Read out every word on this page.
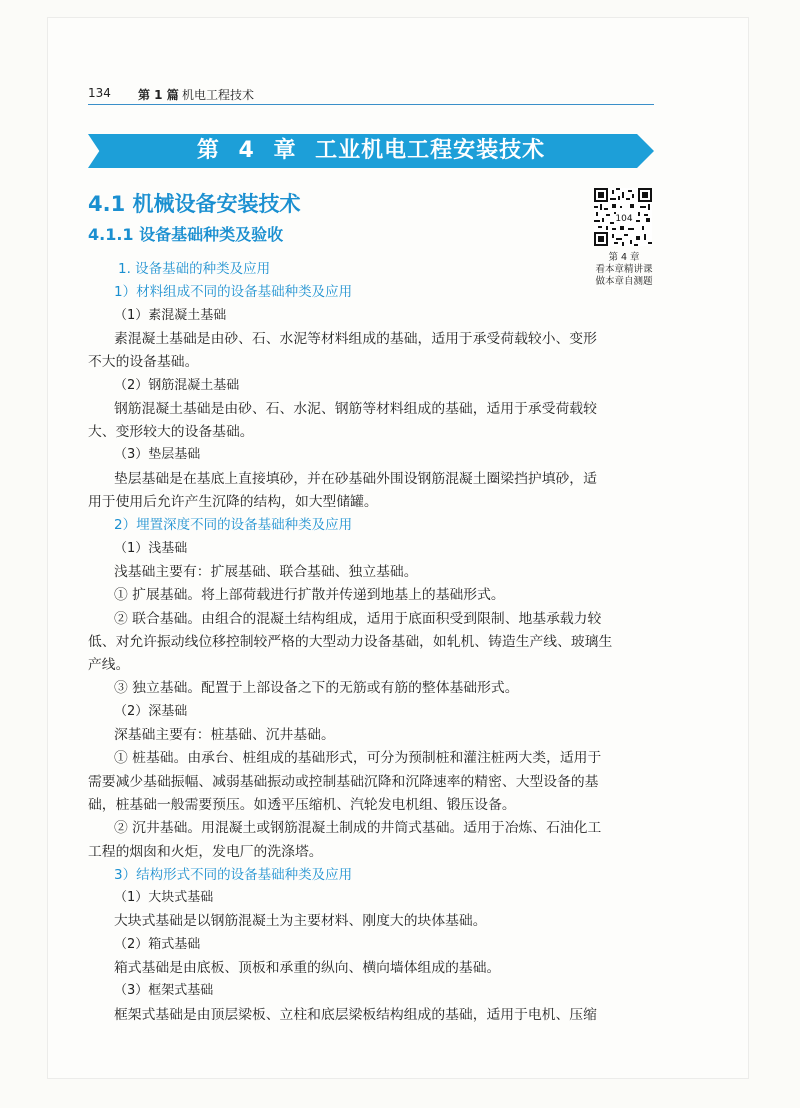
134 第 1 篇 机电工程技术
第 4 章 工业机电工程安装技术
4.1 机械设备安装技术
4.1.1 设备基础种类及验收
104
第 4 章
看本章精讲课
做本章自测题
1. 设备基础的种类及应用
1）材料组成不同的设备基础种类及应用
（1）素混凝土基础
素混凝土基础是由砂、石、水泥等材料组成的基础，适用于承受荷载较小、变形
不大的设备基础。
（2）钢筋混凝土基础
钢筋混凝土基础是由砂、石、水泥、钢筋等材料组成的基础，适用于承受荷载较
大、变形较大的设备基础。
（3）垫层基础
垫层基础是在基底上直接填砂，并在砂基础外围设钢筋混凝土圈梁挡护填砂，适
用于使用后允许产生沉降的结构，如大型储罐。
2）埋置深度不同的设备基础种类及应用
（1）浅基础
浅基础主要有：扩展基础、联合基础、独立基础。
① 扩展基础。将上部荷载进行扩散并传递到地基上的基础形式。
② 联合基础。由组合的混凝土结构组成，适用于底面积受到限制、地基承载力较
低、对允许振动线位移控制较严格的大型动力设备基础，如轧机、铸造生产线、玻璃生
产线。
③ 独立基础。配置于上部设备之下的无筋或有筋的整体基础形式。
（2）深基础
深基础主要有：桩基础、沉井基础。
① 桩基础。由承台、桩组成的基础形式，可分为预制桩和灌注桩两大类，适用于
需要减少基础振幅、减弱基础振动或控制基础沉降和沉降速率的精密、大型设备的基
础，桩基础一般需要预压。如透平压缩机、汽轮发电机组、锻压设备。
② 沉井基础。用混凝土或钢筋混凝土制成的井筒式基础。适用于冶炼、石油化工
工程的烟囱和火炬，发电厂的洗涤塔。
3）结构形式不同的设备基础种类及应用
（1）大块式基础
大块式基础是以钢筋混凝土为主要材料、刚度大的块体基础。
（2）箱式基础
箱式基础是由底板、顶板和承重的纵向、横向墙体组成的基础。
（3）框架式基础
框架式基础是由顶层梁板、立柱和底层梁板结构组成的基础，适用于电机、压缩
